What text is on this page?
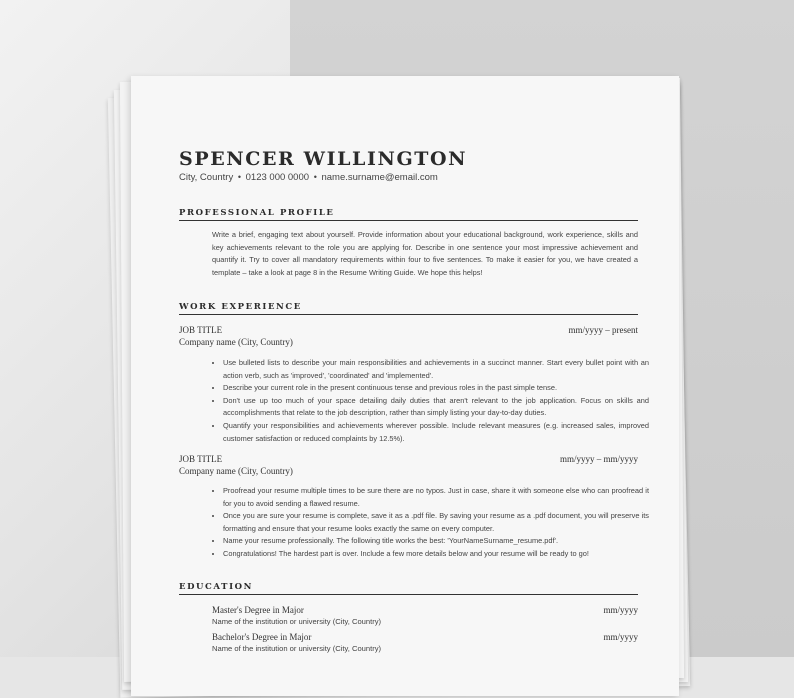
SPENCER WILLINGTON
City, Country • 0123 000 0000 • name.surname@email.com
PROFESSIONAL PROFILE
Write a brief, engaging text about yourself. Provide information about your educational background, work experience, skills and key achievements relevant to the role you are applying for. Describe in one sentence your most impressive achievement and quantify it. Try to cover all mandatory requirements within four to five sentences. To make it easier for you, we have created a template – take a look at page 8 in the Resume Writing Guide. We hope this helps!
WORK EXPERIENCE
JOB TITLE	mm/yyyy – present
Company name (City, Country)
• Use bulleted lists to describe your main responsibilities and achievements in a succinct manner. Start every bullet point with an action verb, such as 'improved', 'coordinated' and 'implemented'.
• Describe your current role in the present continuous tense and previous roles in the past simple tense.
• Don't use up too much of your space detailing daily duties that aren't relevant to the job application. Focus on skills and accomplishments that relate to the job description, rather than simply listing your day-to-day duties.
• Quantify your responsibilities and achievements wherever possible. Include relevant measures (e.g. increased sales, improved customer satisfaction or reduced complaints by 12.5%).
JOB TITLE	mm/yyyy – mm/yyyy
Company name (City, Country)
• Proofread your resume multiple times to be sure there are no typos. Just in case, share it with someone else who can proofread it for you to avoid sending a flawed resume.
• Once you are sure your resume is complete, save it as a .pdf file. By saving your resume as a .pdf document, you will preserve its formatting and ensure that your resume looks exactly the same on every computer.
• Name your resume professionally. The following title works the best: 'YourNameSurname_resume.pdf'.
• Congratulations! The hardest part is over. Include a few more details below and your resume will be ready to go!
EDUCATION
Master's Degree in Major	mm/yyyy
Name of the institution or university (City, Country)
Bachelor's Degree in Major	mm/yyyy
Name of the institution or university (City, Country)
